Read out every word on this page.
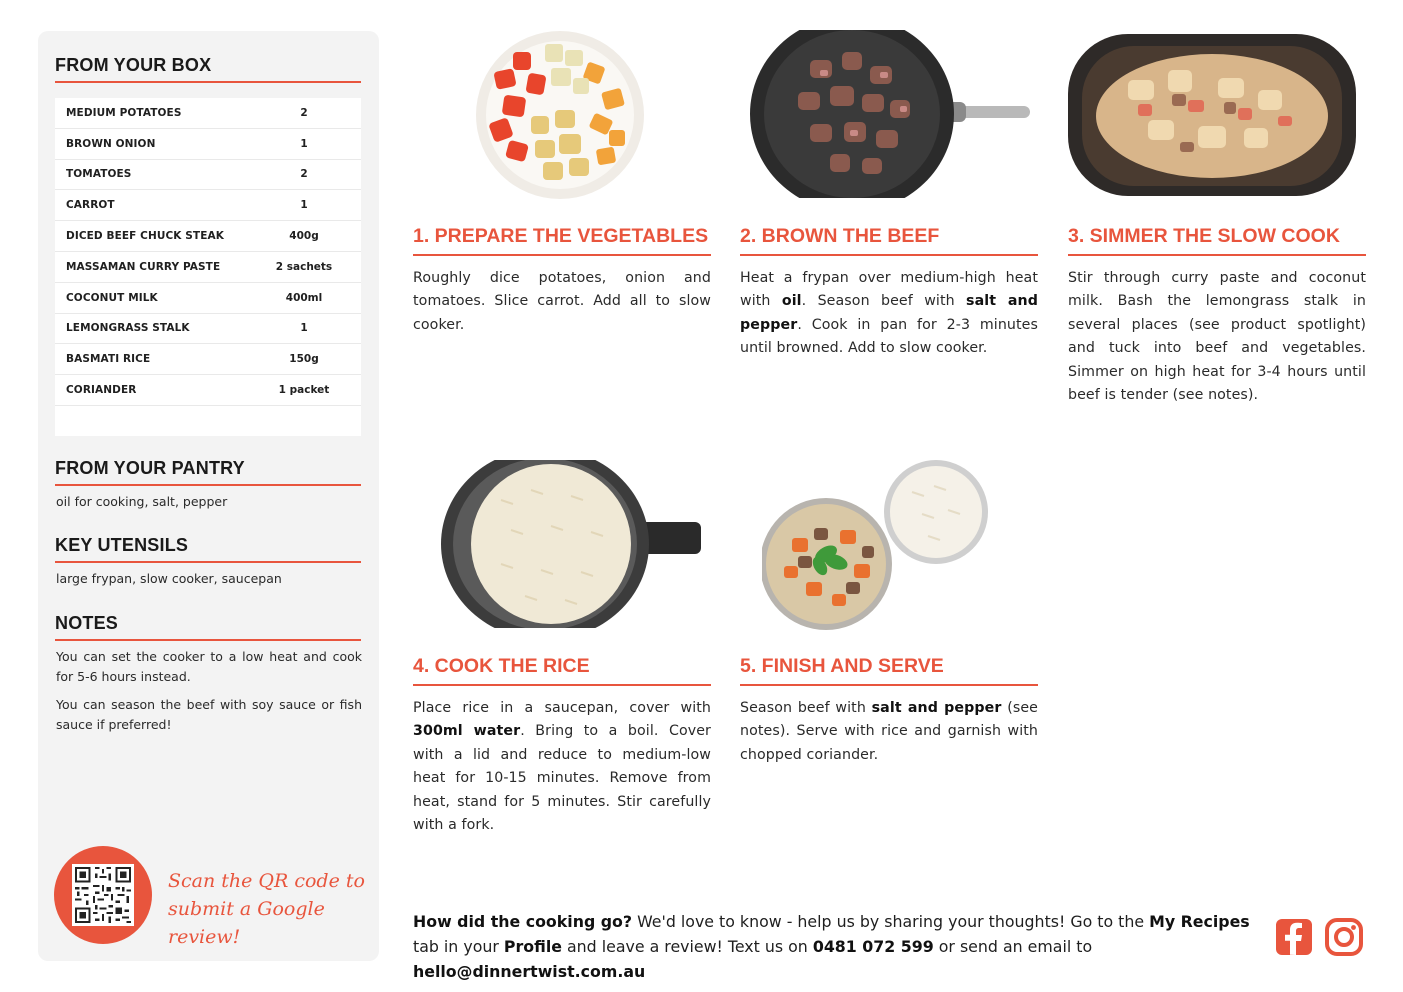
FROM YOUR BOX
MEDIUM POTATOES	2
BROWN ONION	1
TOMATOES	2
CARROT	1
DICED BEEF CHUCK STEAK	400g
MASSAMAN CURRY PASTE	2 sachets
COCONUT MILK	400ml
LEMONGRASS STALK	1
BASMATI RICE	150g
CORIANDER	1 packet
FROM YOUR PANTRY
oil for cooking, salt, pepper
KEY UTENSILS
large frypan, slow cooker, saucepan
NOTES

You can set the cooker to a low heat and cook for 5-6 hours instead.

You can season the beef with soy sauce or fish sauce if preferred!

Scan the QR code to
submit a Google review!
1. PREPARE THE VEGETABLES
Roughly dice potatoes, onion and tomatoes. Slice carrot. Add all to slow cooker.
2. BROWN THE BEEF
Heat a frypan over medium-high heat with oil. Season beef with salt and pepper. Cook in pan for 2-3 minutes until browned. Add to slow cooker.
3. SIMMER THE SLOW COOK
Stir through curry paste and coconut milk. Bash the lemongrass stalk in several places (see product spotlight) and tuck into beef and vegetables. Simmer on high heat for 3-4 hours until beef is tender (see notes).
4. COOK THE RICE
Place rice in a saucepan, cover with 300ml water. Bring to a boil. Cover with a lid and reduce to medium-low heat for 10-15 minutes. Remove from heat, stand for 5 minutes. Stir carefully with a fork.
5. FINISH AND SERVE
Season beef with salt and pepper (see notes). Serve with rice and garnish with chopped coriander.
How did the cooking go? We'd love to know - help us by sharing your thoughts! Go to the My Recipes tab in your Profile and leave a review! Text us on 0481 072 599 or send an email to hello@dinnertwist.com.au
